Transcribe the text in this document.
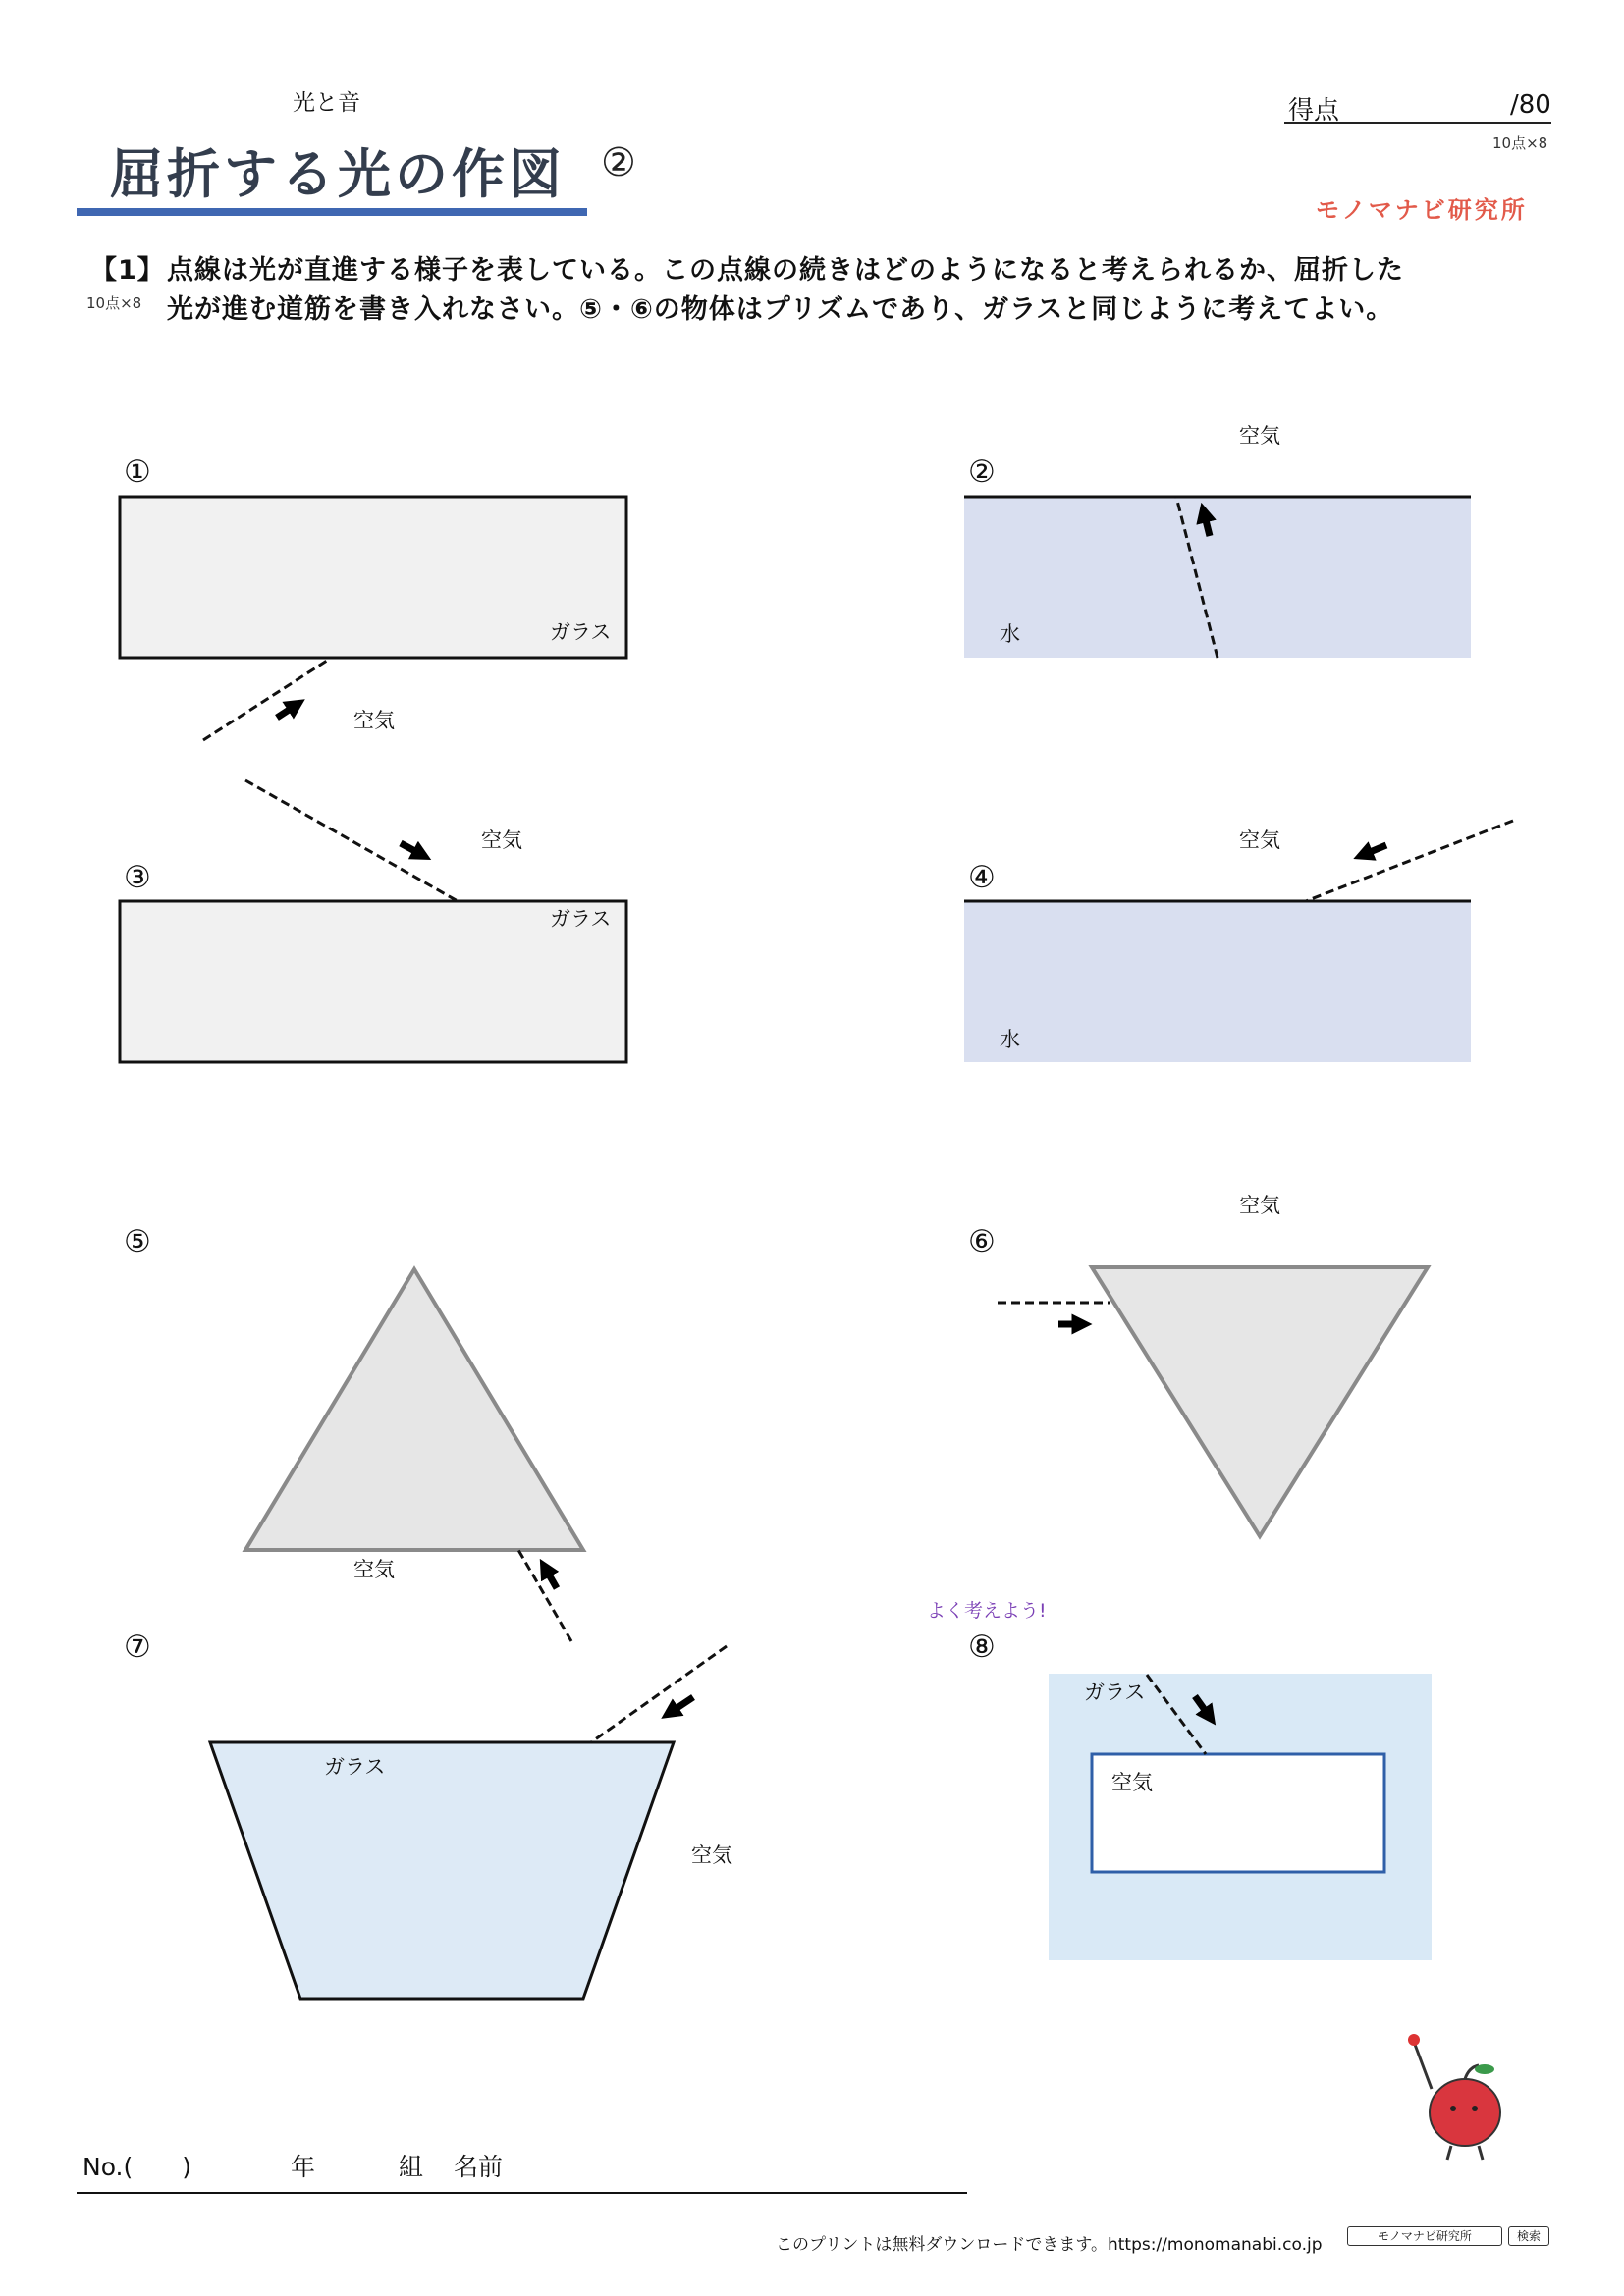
光と音
屈折する光の作図 ②
得点	/80
10点×8
モノマナビ研究所
【1】
10点×8
点線は光が直進する様子を表している。この点線の続きはどのようになると考えられるか、屈折した
光が進む道筋を書き入れなさい。⑤・⑥の物体はプリズムであり、ガラスと同じように考えてよい。
①
ガラス
空気
②
空気
水
③
空気
ガラス
④
空気
水
⑤
空気
⑥
空気
⑦
ガラス
空気
よく考えよう!
⑧
ガラス
空気
No.(　　)	年	組 名前
このプリントは無料ダウンロードできます。https://monomanabi.co.jp	モノマナビ研究所	検索
